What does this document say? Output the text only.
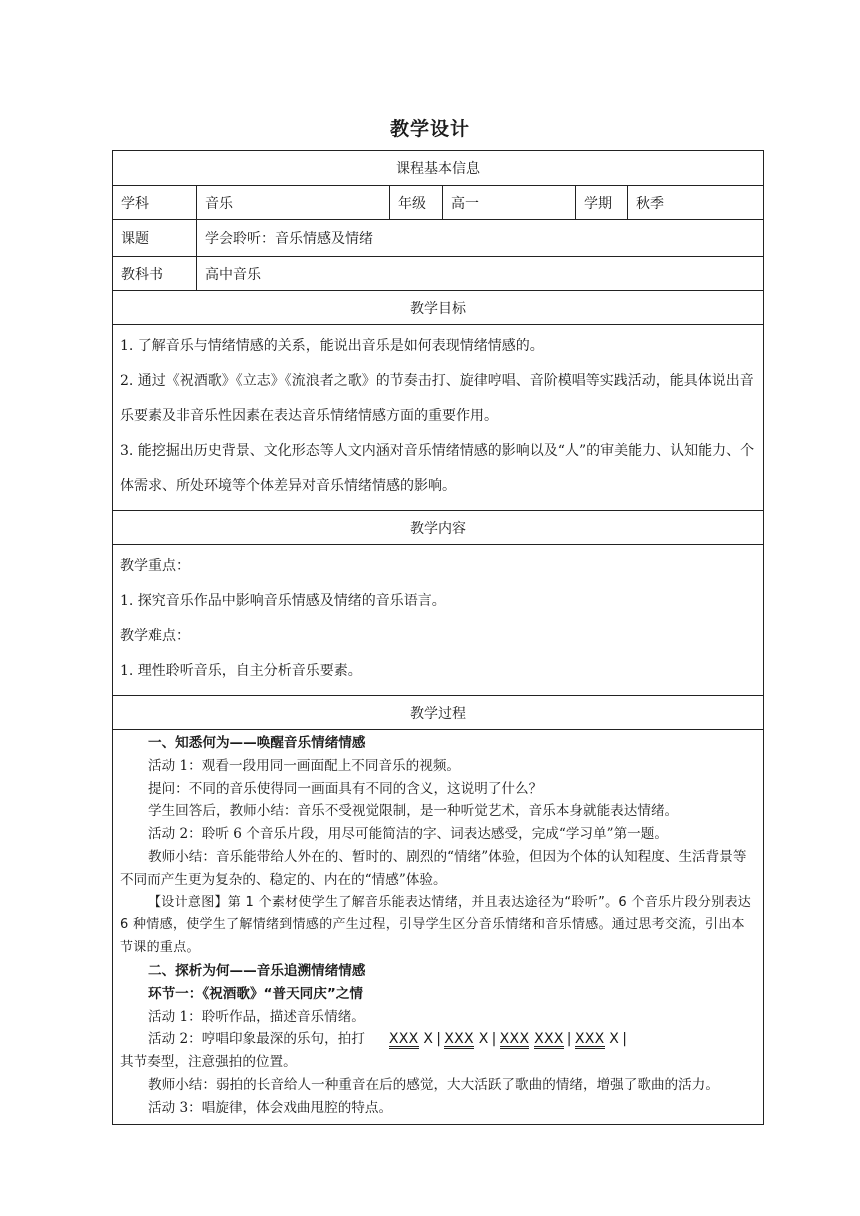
教学设计
课程基本信息
学科	音乐	年级	高一	学期	秋季
课题	学会聆听：音乐情感及情绪
教科书	高中音乐
教学目标
1. 了解音乐与情绪情感的关系，能说出音乐是如何表现情绪情感的。
2. 通过《祝酒歌》《立志》《流浪者之歌》的节奏击打、旋律哼唱、音阶模唱等实践活动，能具体说出音乐要素及非音乐性因素在表达音乐情绪情感方面的重要作用。
3. 能挖掘出历史背景、文化形态等人文内涵对音乐情绪情感的影响以及“人”的审美能力、认知能力、个体需求、所处环境等个体差异对音乐情绪情感的影响。
教学内容
教学重点：
1. 探究音乐作品中影响音乐情感及情绪的音乐语言。
教学难点：
1. 理性聆听音乐，自主分析音乐要素。
教学过程
一、知悉何为——唤醒音乐情绪情感
活动 1：观看一段用同一画面配上不同音乐的视频。
提问：不同的音乐使得同一画面具有不同的含义，这说明了什么？
学生回答后，教师小结：音乐不受视觉限制，是一种听觉艺术，音乐本身就能表达情绪。
活动 2：聆听 6 个音乐片段，用尽可能简洁的字、词表达感受，完成“学习单”第一题。
教师小结：音乐能带给人外在的、暂时的、剧烈的“情绪”体验，但因为个体的认知程度、生活背景等不同而产生更为复杂的、稳定的、内在的“情感”体验。
【设计意图】第 1 个素材使学生了解音乐能表达情绪，并且表达途径为“聆听”。6 个音乐片段分别表达 6 种情感，使学生了解情绪到情感的产生过程，引导学生区分音乐情绪和音乐情感。通过思考交流，引出本节课的重点。
二、探析为何——音乐追溯情绪情感
环节一：《祝酒歌》“普天同庆”之情
活动 1：聆听作品，描述音乐情绪。
活动 2：哼唱印象最深的乐句，拍打 XXX X | XXX X | XXX XXX | XXX X |
其节奏型，注意强拍的位置。
教师小结：弱拍的长音给人一种重音在后的感觉，大大活跃了歌曲的情绪，增强了歌曲的活力。
活动 3：唱旋律，体会戏曲甩腔的特点。
